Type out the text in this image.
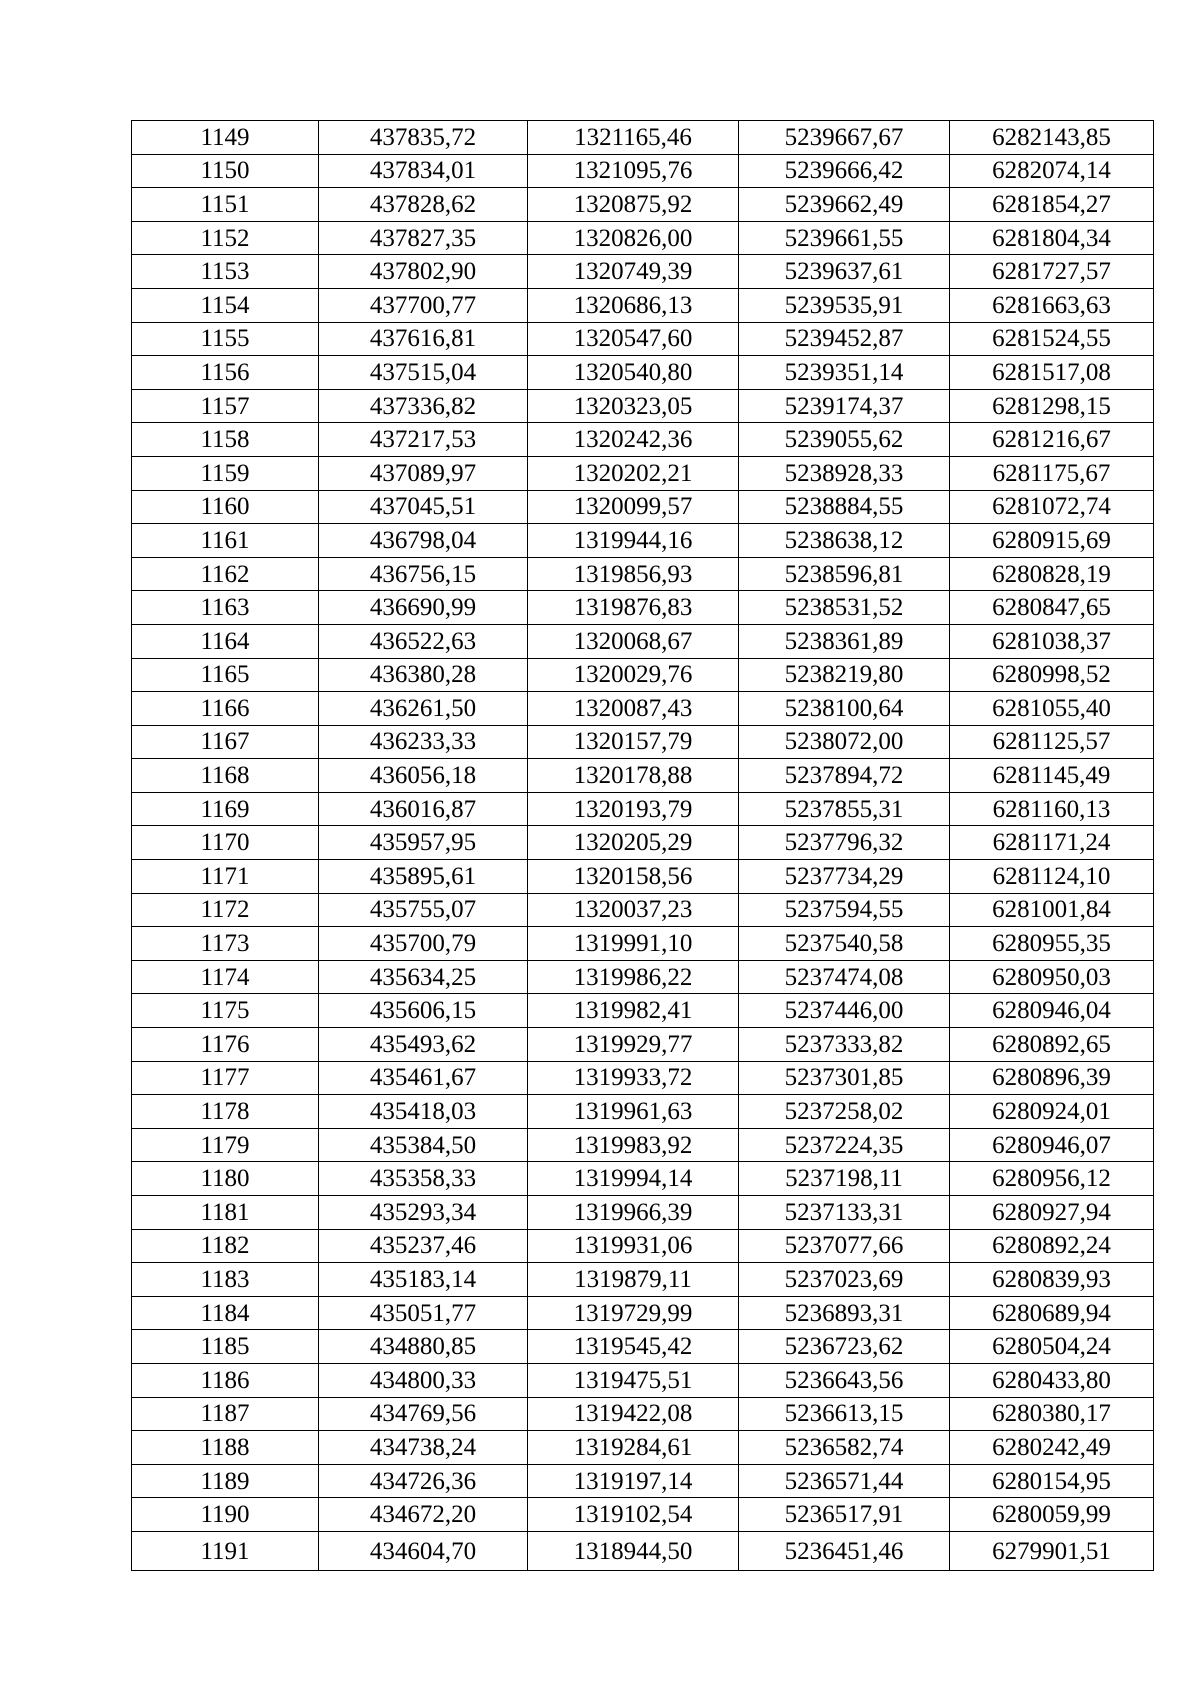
1149	437835,72	1321165,46	5239667,67	6282143,85
1150	437834,01	1321095,76	5239666,42	6282074,14
1151	437828,62	1320875,92	5239662,49	6281854,27
1152	437827,35	1320826,00	5239661,55	6281804,34
1153	437802,90	1320749,39	5239637,61	6281727,57
1154	437700,77	1320686,13	5239535,91	6281663,63
1155	437616,81	1320547,60	5239452,87	6281524,55
1156	437515,04	1320540,80	5239351,14	6281517,08
1157	437336,82	1320323,05	5239174,37	6281298,15
1158	437217,53	1320242,36	5239055,62	6281216,67
1159	437089,97	1320202,21	5238928,33	6281175,67
1160	437045,51	1320099,57	5238884,55	6281072,74
1161	436798,04	1319944,16	5238638,12	6280915,69
1162	436756,15	1319856,93	5238596,81	6280828,19
1163	436690,99	1319876,83	5238531,52	6280847,65
1164	436522,63	1320068,67	5238361,89	6281038,37
1165	436380,28	1320029,76	5238219,80	6280998,52
1166	436261,50	1320087,43	5238100,64	6281055,40
1167	436233,33	1320157,79	5238072,00	6281125,57
1168	436056,18	1320178,88	5237894,72	6281145,49
1169	436016,87	1320193,79	5237855,31	6281160,13
1170	435957,95	1320205,29	5237796,32	6281171,24
1171	435895,61	1320158,56	5237734,29	6281124,10
1172	435755,07	1320037,23	5237594,55	6281001,84
1173	435700,79	1319991,10	5237540,58	6280955,35
1174	435634,25	1319986,22	5237474,08	6280950,03
1175	435606,15	1319982,41	5237446,00	6280946,04
1176	435493,62	1319929,77	5237333,82	6280892,65
1177	435461,67	1319933,72	5237301,85	6280896,39
1178	435418,03	1319961,63	5237258,02	6280924,01
1179	435384,50	1319983,92	5237224,35	6280946,07
1180	435358,33	1319994,14	5237198,11	6280956,12
1181	435293,34	1319966,39	5237133,31	6280927,94
1182	435237,46	1319931,06	5237077,66	6280892,24
1183	435183,14	1319879,11	5237023,69	6280839,93
1184	435051,77	1319729,99	5236893,31	6280689,94
1185	434880,85	1319545,42	5236723,62	6280504,24
1186	434800,33	1319475,51	5236643,56	6280433,80
1187	434769,56	1319422,08	5236613,15	6280380,17
1188	434738,24	1319284,61	5236582,74	6280242,49
1189	434726,36	1319197,14	5236571,44	6280154,95
1190	434672,20	1319102,54	5236517,91	6280059,99
1191	434604,70	1318944,50	5236451,46	6279901,51
